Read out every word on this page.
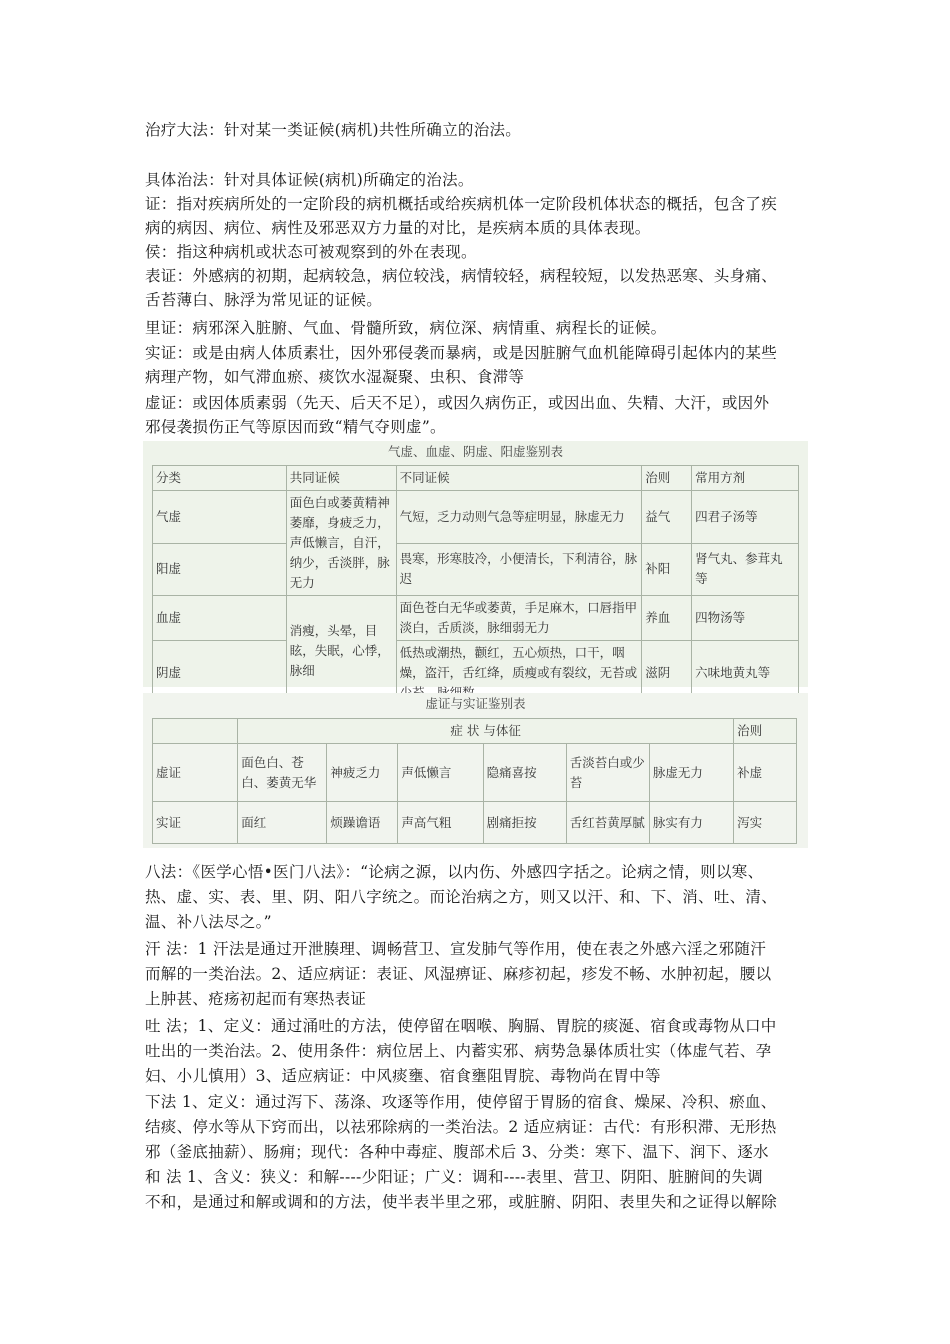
治疗大法：针对某一类证候(病机)共性所确立的治法。

具体治法：针对具体证候(病机)所确定的治法。

证：指对疾病所处的一定阶段的病机概括或给疾病机体一定阶段机体状态的概括，包含了疾

病的病因、病位、病性及邪恶双方力量的对比，是疾病本质的具体表现。

侯：指这种病机或状态可被观察到的外在表现。

表证：外感病的初期，起病较急，病位较浅，病情较轻，病程较短，以发热恶寒、头身痛、

舌苔薄白、脉浮为常见证的证候。

里证：病邪深入脏腑、气血、骨髓所致，病位深、病情重、病程长的证候。

实证：或是由病人体质素壮，因外邪侵袭而暴病，或是因脏腑气血机能障碍引起体内的某些

病理产物，如气滞血瘀、痰饮水湿凝聚、虫积、食滞等

虚证：或因体质素弱（先天、后天不足），或因久病伤正，或因出血、失精、大汗，或因外

邪侵袭损伤正气等原因而致“精气夺则虚”。

气虚、血虚、阴虚、阳虚鉴别表
分类	共同证候	不同证候	治则	常用方剂
气虚	面色白或萎黄精神萎靡，身疲乏力，声低懒言，自汗，纳少，舌淡胖，脉无力	气短，乏力动则气急等症明显，脉虚无力	益气	四君子汤等
阳虚		畏寒，形寒肢冷，小便清长，下利清谷，脉迟	补阳	肾气丸、参茸丸等
血虚	消瘦，头晕，目眩，失眠，心悸，脉细	面色苍白无华或萎黄，手足麻木，口唇指甲淡白，舌质淡，脉细弱无力	养血	四物汤等
阴虚		低热或潮热，颧红，五心烦热，口干，咽燥，盗汗，舌红绛，质瘦或有裂纹，无苔或	滋阴	六味地黄丸等
虚证与实证鉴别表
	症 状 与体征						治则
虚证	面色白、苍白、萎黄无华	神疲乏力	声低懒言	隐痛喜按	舌淡苔白或少苔	脉虚无力	补虚
实证	面红	烦躁谵语	声高气粗	剧痛拒按	舌红苔黄厚腻	脉实有力	泻实

八法：《医学心悟•医门八法》：“论病之源，以内伤、外感四字括之。论病之情，则以寒、

热、虚、实、表、里、阴、阳八字统之。而论治病之方，则又以汗、和、下、消、吐、清、

温、补八法尽之。”

汗 法：1 汗法是通过开泄腠理、调畅营卫、宣发肺气等作用，使在表之外感六淫之邪随汗

而解的一类治法。2、适应病证：表证、风湿痹证、麻疹初起，疹发不畅、水肿初起，腰以

上肿甚、疮疡初起而有寒热表证

吐 法；1、定义：通过涌吐的方法，使停留在咽喉、胸膈、胃脘的痰涎、宿食或毒物从口中

吐出的一类治法。2、使用条件：病位居上、内蓄实邪、病势急暴体质壮实（体虚气若、孕

妇、小儿慎用）3、适应病证：中风痰壅、宿食壅阻胃脘、毒物尚在胃中等

下法 1、定义：通过泻下、荡涤、攻逐等作用，使停留于胃肠的宿食、燥屎、冷积、瘀血、

结痰、停水等从下窍而出，以祛邪除病的一类治法。2 适应病证：古代：有形积滞、无形热

邪（釜底抽薪）、肠痈；现代：各种中毒症、腹部术后 3、分类：寒下、温下、润下、逐水

和 法 1、含义：狭义：和解----少阳证；广义：调和----表里、营卫、阴阳、脏腑间的失调

不和，是通过和解或调和的方法，使半表半里之邪，或脏腑、阴阳、表里失和之证得以解除
